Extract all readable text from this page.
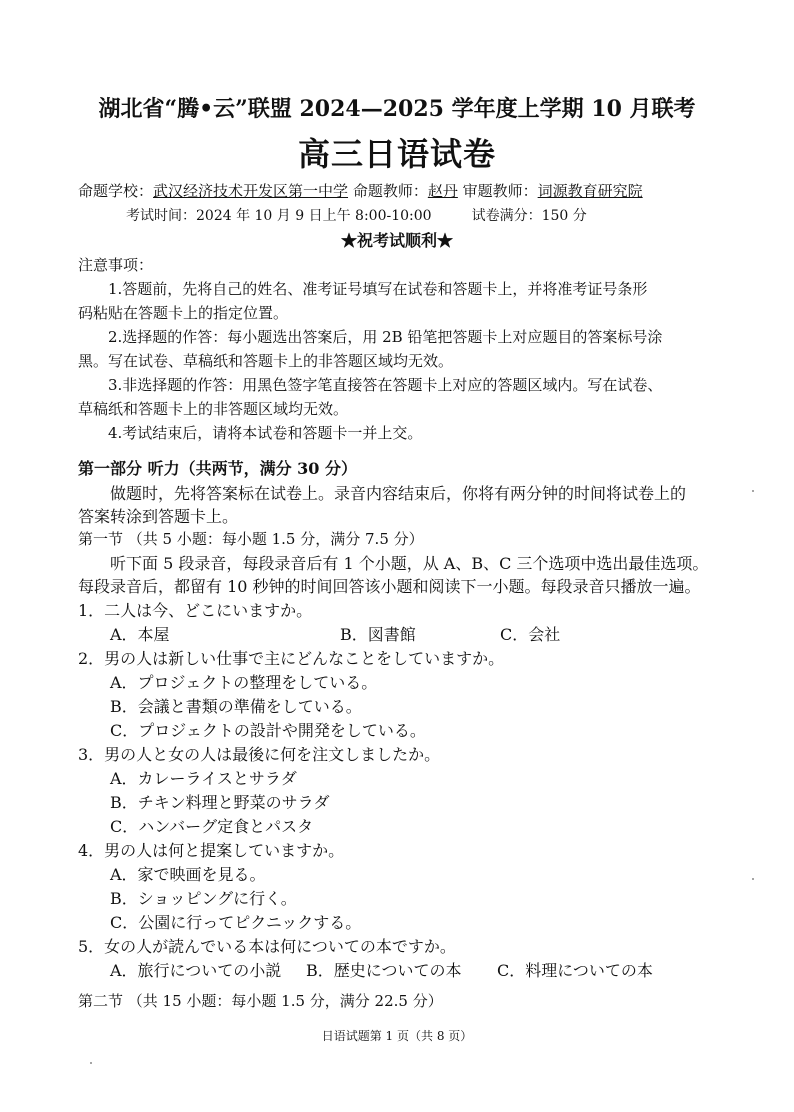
湖北省“腾•云”联盟 2024—2025 学年度上学期 10 月联考
高三日语试卷
命题学校：武汉经济技术开发区第一中学 命题教师：赵丹 审题教师：词源教育研究院
考试时间：2024 年 10 月 9 日上午 8:00-10:00	试卷满分：150 分
★祝考试顺利★
注意事项：
1.答题前，先将自己的姓名、准考证号填写在试卷和答题卡上，并将准考证号条形
码粘贴在答题卡上的指定位置。
2.选择题的作答：每小题选出答案后，用 2B 铅笔把答题卡上对应题目的答案标号涂
黑。写在试卷、草稿纸和答题卡上的非答题区域均无效。
3.非选择题的作答：用黑色签字笔直接答在答题卡上对应的答题区域内。写在试卷、
草稿纸和答题卡上的非答题区域均无效。
4.考试结束后，请将本试卷和答题卡一并上交。
第一部分 听力（共两节，满分 30 分）
做题时，先将答案标在试卷上。录音内容结束后，你将有两分钟的时间将试卷上的
答案转涂到答题卡上。
第一节 （共 5 小题：每小题 1.5 分，满分 7.5 分）
听下面 5 段录音，每段录音后有 1 个小题，从 A、B、C 三个选项中选出最佳选项。
每段录音后，都留有 10 秒钟的时间回答该小题和阅读下一小题。每段录音只播放一遍。
1．二人は今、どこにいますか。
A．本屋	B．図書館	C．会社
2．男の人は新しい仕事で主にどんなことをしていますか。
A．プロジェクトの整理をしている。
B．会議と書類の準備をしている。
C．プロジェクトの設計や開発をしている。
3．男の人と女の人は最後に何を注文しましたか。
A．カレーライスとサラダ
B．チキン料理と野菜のサラダ
C．ハンバーグ定食とパスタ
4．男の人は何と提案していますか。
A．家で映画を見る。
B．ショッピングに行く。
C．公園に行ってピクニックする。
5．女の人が読んでいる本は何についての本ですか。
A．旅行についての小説 B．歴史についての本 C．料理についての本
第二节 （共 15 小题：每小题 1.5 分，满分 22.5 分）
日语试题第 1 页（共 8 页）
